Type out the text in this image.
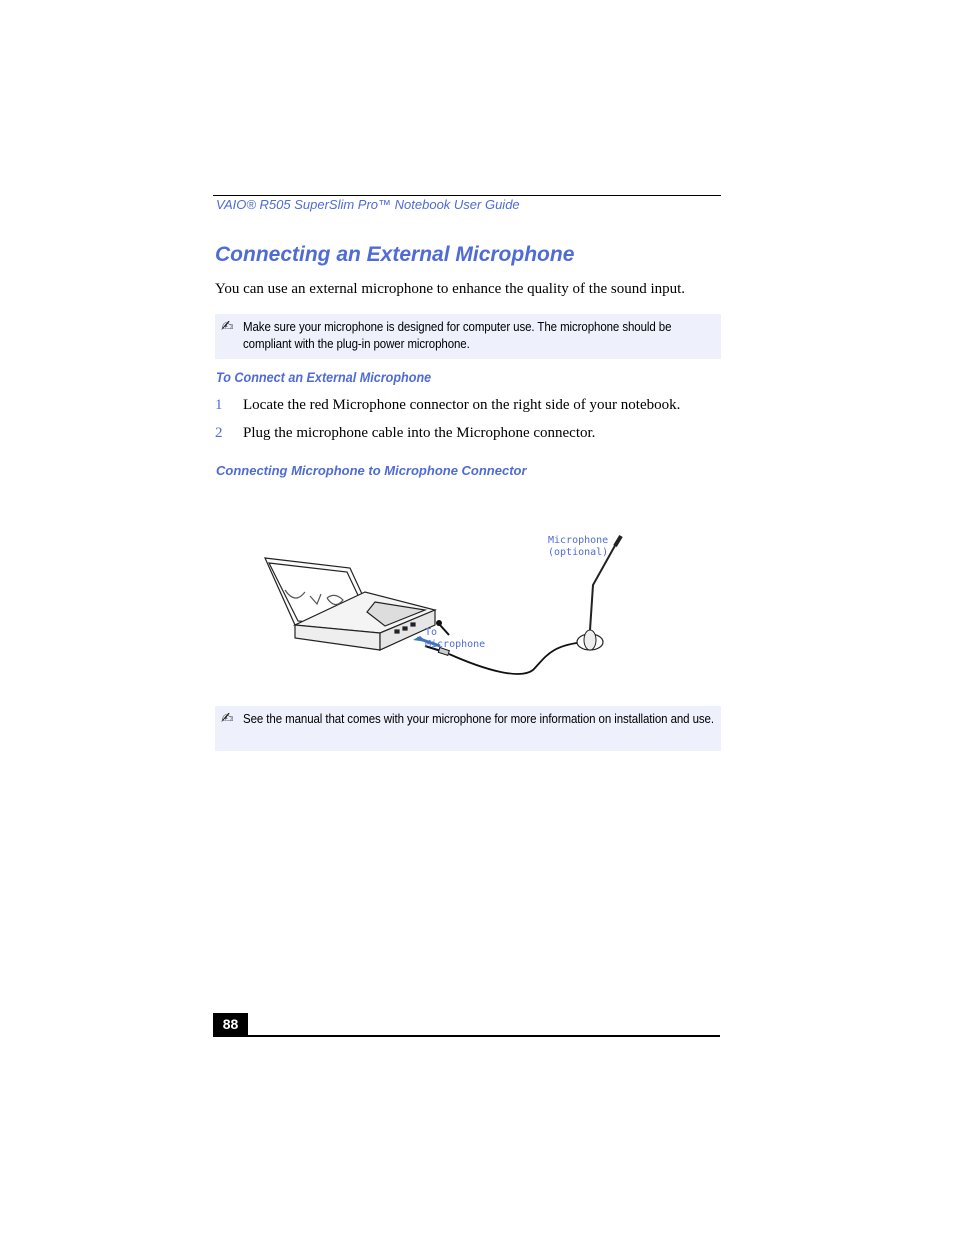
VAIO® R505 SuperSlim Pro™ Notebook User Guide
Connecting an External Microphone
You can use an external microphone to enhance the quality of the sound input.
✍ Make sure your microphone is designed for computer use. The microphone should be compliant with the plug-in power microphone.
To Connect an External Microphone
1 Locate the red Microphone connector on the right side of your notebook.
2 Plug the microphone cable into the Microphone connector.
Connecting Microphone to Microphone Connector
Microphone
(optional)
To
Microphone
✍ See the manual that comes with your microphone for more information on installation and use.
88
